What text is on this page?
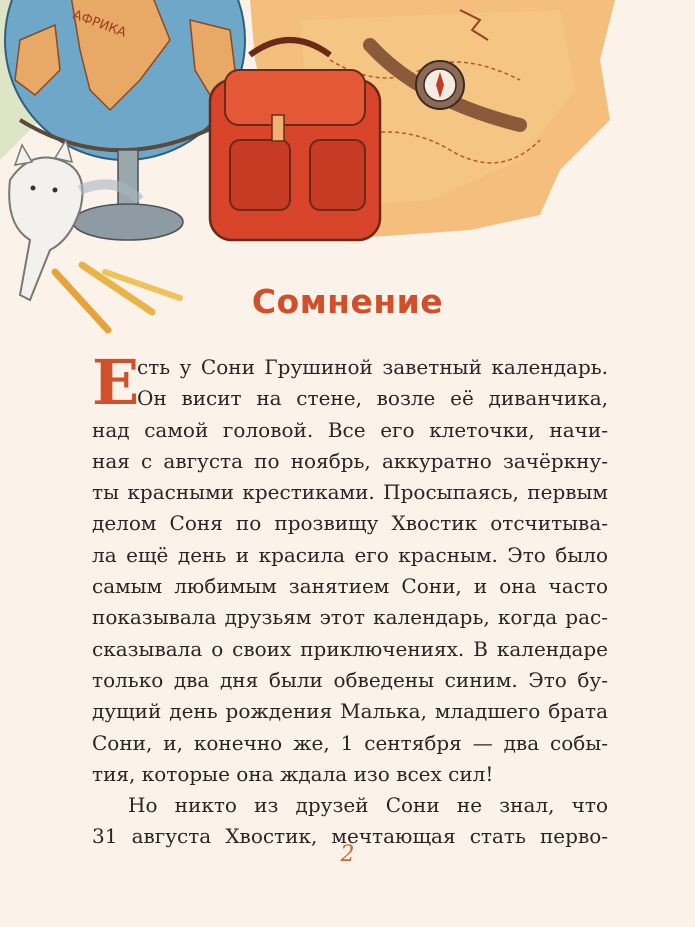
АФРИКА
Сомнение
Е
сть у Сони Грушиной заветный календарь.
Он висит на стене, возле её диванчика,
над самой головой. Все его клеточки, начи-
ная с августа по ноябрь, аккуратно зачёркну-
ты красными крестиками. Просыпаясь, первым
делом Соня по прозвищу Хвостик отсчитыва-
ла ещё день и красила его красным. Это было
самым любимым занятием Сони, и она часто
показывала друзьям этот календарь, когда рас-
сказывала о своих приключениях. В календаре
только два дня были обведены синим. Это бу-
дущий день рождения Малька, младшего брата
Сони, и, конечно же, 1 сентября — два собы-
тия, которые она ждала изо всех сил!
Но никто из друзей Сони не знал, что
31 августа Хвостик, мечтающая стать перво-
2
